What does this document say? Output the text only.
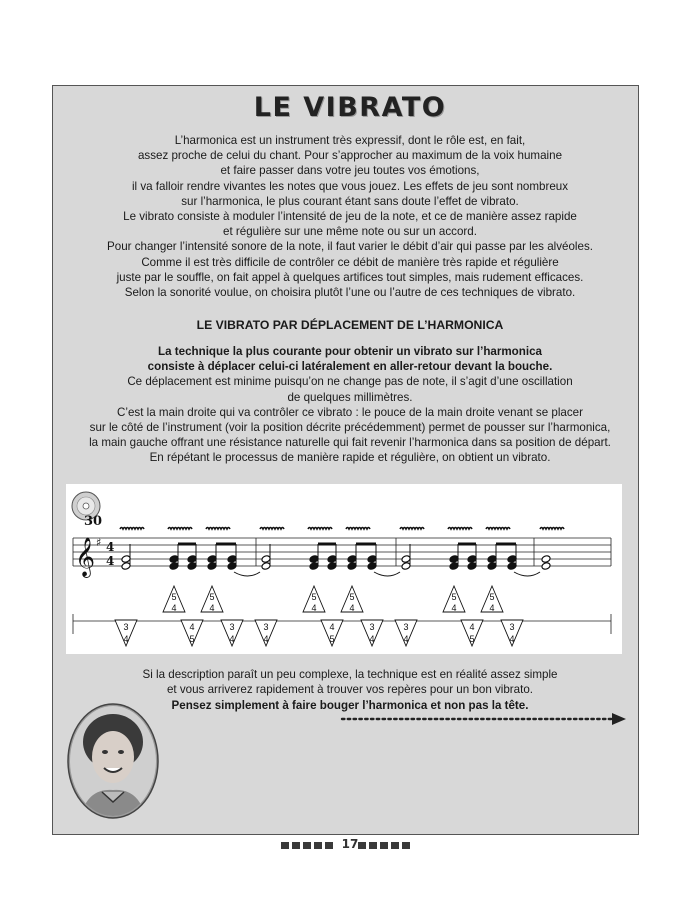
LE VIBRATO

L’harmonica est un instrument très expressif, dont le rôle est, en fait,

assez proche de celui du chant. Pour s’approcher au maximum de la voix humaine

et faire passer dans votre jeu toutes vos émotions,

il va falloir rendre vivantes les notes que vous jouez. Les effets de jeu sont nombreux

sur l’harmonica, le plus courant étant sans doute l’effet de vibrato.

Le vibrato consiste à moduler l’intensité de jeu de la note, et ce de manière assez rapide

et régulière sur une même note ou sur un accord.

Pour changer l’intensité sonore de la note, il faut varier le débit d’air qui passe par les alvéoles.

Comme il est très difficile de contrôler ce débit de manière très rapide et régulière

juste par le souffle, on fait appel à quelques artifices tout simples, mais rudement efficaces.

Selon la sonorité voulue, on choisira plutôt l’une ou l’autre de ces techniques de vibrato.

LE VIBRATO PAR DÉPLACEMENT DE L’HARMONICA

La technique la plus courante pour obtenir un vibrato sur l’harmonica

consiste à déplacer celui-ci latéralement en aller-retour devant la bouche.

Ce déplacement est minime puisqu’on ne change pas de note, il s’agit d’une oscillation

de quelques millimètres.

C’est la main droite qui va contrôler ce vibrato : le pouce de la main droite venant se placer

sur le côté de l’instrument (voir la position décrite précédemment) permet de pousser sur l’harmonica,

la main gauche offrant une résistance naturelle qui fait revenir l’harmonica dans sa position de départ.

En répétant le processus de manière rapide et régulière, on obtient un vibrato.

30
𝄞 ♯ 4
4
3
4
5
4
4
5
5
4
3
4
3
4
5
4
4
5
5
4
3
4
3
4
5
4
4
5
5
4
3
4

Si la description paraît un peu complexe, la technique est en réalité assez simple

et vous arriverez rapidement à trouver vos repères pour un bon vibrato.

Pensez simplement à faire bouger l’harmonica et non pas la tête.

17
